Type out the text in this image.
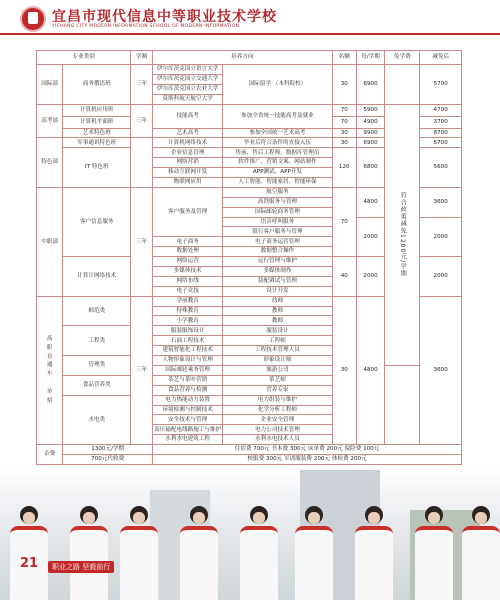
宜昌市现代信息中等职业技术学校
YICHANG CITY MODERN INFORMATION SCHOOL OF MODERN INFORMATION
专业类别		学制	培养方向		名额	每/学期	免学费	减免后
国际部	商务俄语班	三年	伊尔库茨克国立语言大学	国际留学 （本科院校）	30	6900		5700
			伊尔库茨克国立交通大学					
			伊尔库茨克国立农业大学					
			莫斯科航天航空大学					
高考部	计算机应用班	三年	技能高考	参加全省统一技能高考及就业	70	5900	符合政策减免1200元/学期	4700
	计算机平面班				70	4900		3700
	艺术特色班		艺术高考	参加全国统一艺术高考	30	9900		8700
特色部	军事通讯特色班		计算机网络技术	毕业后符合条件的直接入伍	30	6900		5700
	IT 特色班		企业信息管理	售前、售后工程师，数据库管理员	120	6800		5600
			网络营销	软件推广、营销文案、网站制作				
			移动互联网开发	APP测试、APP开发				
			物联网应用	人工智能、智能家居、智能环保				
中职部	客户信息服务	三年	客户服务及管理	航空服务	70	4800		3600
				高铁服务与管理				
				国际邮轮商务管理				
				语音呼叫服务		2000		2000
				银行客户服务与管理				
			电子商务	电子商务运营管理				
			数据处理	数据整合操作				
	计算计网络技术		网络运营	运行管理与维护	40	2000		2000
			多媒体技术	多媒体制作				
			网络布线	装配调试与管理				
			电子竞技	设计开发				

高职直通车

单招	师范类	三年	学前教育	幼师	30	4800		3600
			特殊教育	教师				
			小学教育	教师				
	工程类		服装服饰设计	服装设计				
			石油工程技术	工程师				
			建筑智能化工程技术	工程技术管理人员				
	管理类		人物形象设计与管理	形象设计师				
			国际邮轮乘务管理	旅游公司				
	食品营养类		茶艺与茶叶营销	茶艺师				
			食品营养与检测	营养专家				
	水电类		电力热能动力装置	电力组装与维护				
			环境检测与控制技术	化学分析工程师				
			安全技术与管理	企业安全管理				
			高压输配电线路施工与维护	电力公司技术管理				
			水利水电建筑工程	水利水电技术人员				
杂费	1300元/学期		住宿费 700元 书本费 300元 床单费 200元 保险费 100元					
	700元代收费		校服费 300元 军训服装费 200元 体检费 200元					
21	职业之路 坚毅前行
